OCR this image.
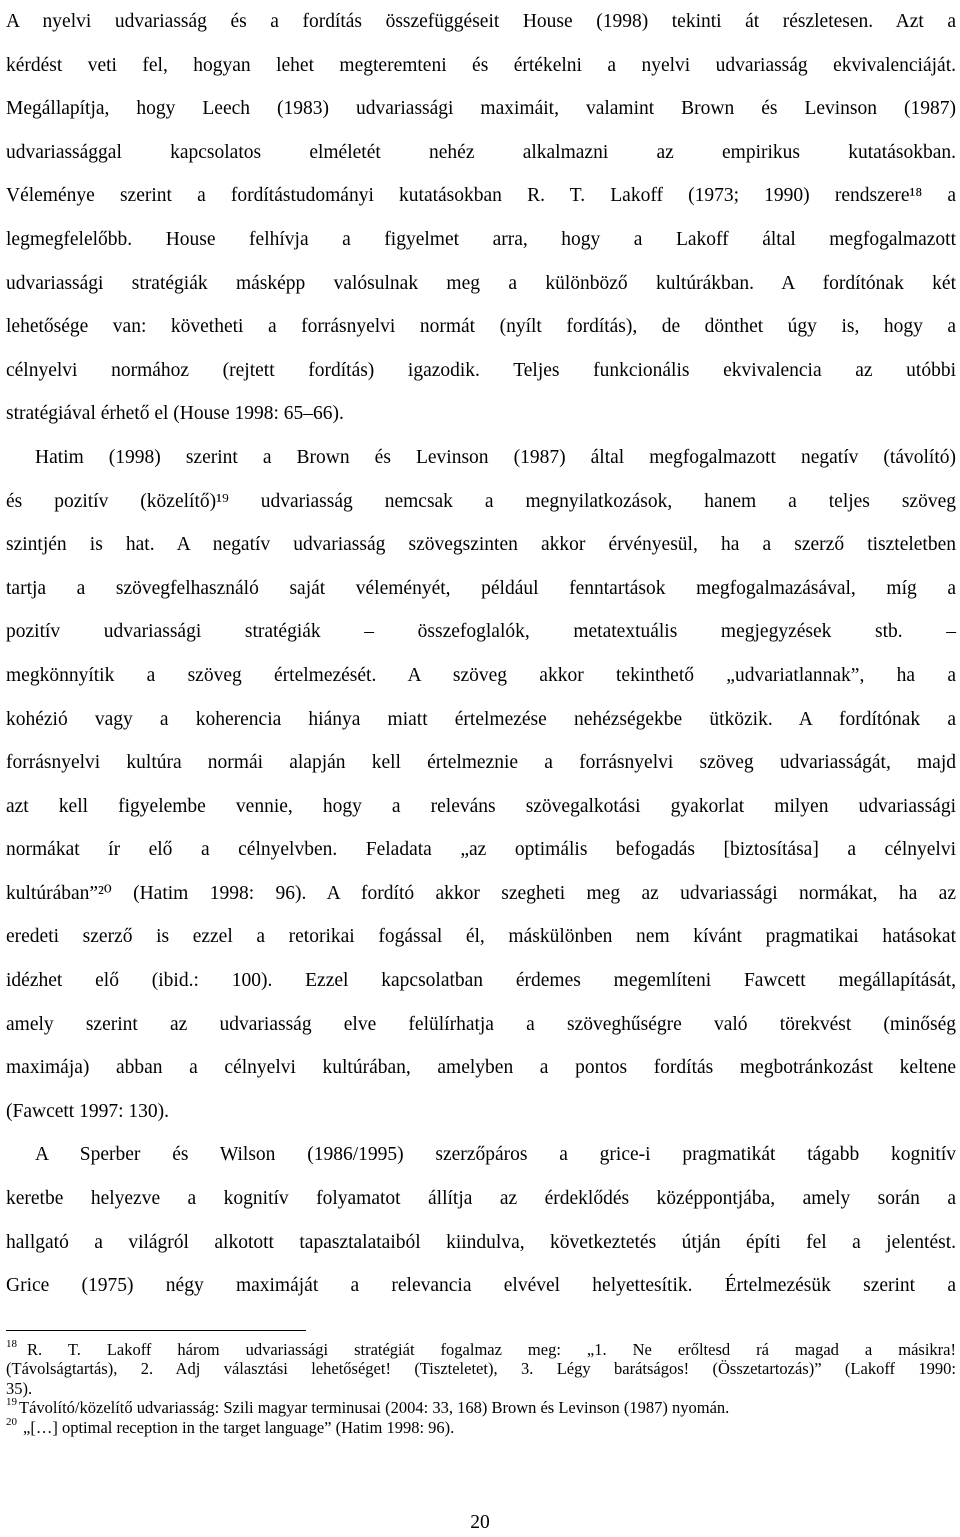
A nyelvi udvariasság és a fordítás összefüggéseit House (1998) tekinti át részletesen. Azt a
kérdést veti fel, hogyan lehet megteremteni és értékelni a nyelvi udvariasság ekvivalenciáját.
Megállapítja, hogy Leech (1983) udvariassági maximáit, valamint Brown és Levinson (1987)
udvariassággal kapcsolatos elméletét nehéz alkalmazni az empirikus kutatásokban.
Véleménye szerint a fordítástudományi kutatásokban R. T. Lakoff (1973; 1990) rendszere¹⁸ a
legmegfelelőbb. House felhívja a figyelmet arra, hogy a Lakoff által megfogalmazott
udvariassági stratégiák másképp valósulnak meg a különböző kultúrákban. A fordítónak két
lehetősége van: követheti a forrásnyelvi normát (nyílt fordítás), de dönthet úgy is, hogy a
célnyelvi normához (rejtett fordítás) igazodik. Teljes funkcionális ekvivalencia az utóbbi
stratégiával érhető el (House 1998: 65–66).

Hatim (1998) szerint a Brown és Levinson (1987) által megfogalmazott negatív (távolító)
és pozitív (közelítő)¹⁹ udvariasság nemcsak a megnyilatkozások, hanem a teljes szöveg
szintjén is hat. A negatív udvariasság szövegszinten akkor érvényesül, ha a szerző tiszteletben
tartja a szövegfelhasználó saját véleményét, például fenntartások megfogalmazásával, míg a
pozitív udvariassági stratégiák – összefoglalók, metatextuális megjegyzések stb. –
megkönnyítik a szöveg értelmezését. A szöveg akkor tekinthető „udvariatlannak”, ha a
kohézió vagy a koherencia hiánya miatt értelmezése nehézségekbe ütközik. A fordítónak a
forrásnyelvi kultúra normái alapján kell értelmeznie a forrásnyelvi szöveg udvariasságát, majd
azt kell figyelembe vennie, hogy a releváns szövegalkotási gyakorlat milyen udvariassági
normákat ír elő a célnyelvben. Feladata „az optimális befogadás [biztosítása] a célnyelvi
kultúrában”²⁰ (Hatim 1998: 96). A fordító akkor szegheti meg az udvariassági normákat, ha az
eredeti szerző is ezzel a retorikai fogással él, máskülönben nem kívánt pragmatikai hatásokat
idézhet elő (ibid.: 100). Ezzel kapcsolatban érdemes megemlíteni Fawcett megállapítását,
amely szerint az udvariasság elve felülírhatja a szöveghűségre való törekvést (minőség
maximája) abban a célnyelvi kultúrában, amelyben a pontos fordítás megbotránkozást keltene
(Fawcett 1997: 130).

A Sperber és Wilson (1986/1995) szerzőpáros a grice-i pragmatikát tágabb kognitív
keretbe helyezve a kognitív folyamatot állítja az érdeklődés középpontjába, amely során a
hallgató a világról alkotott tapasztalataiból kiindulva, következtetés útján építi fel a jelentést.
Grice (1975) négy maximáját a relevancia elvével helyettesítik. Értelmezésük szerint a

$^{18}$ R. T. Lakoff három udvariassági stratégiát fogalmaz meg: „1. Ne erőltesd rá magad a másikra!
(Távolságtartás), 2. Adj választási lehetőséget! (Tiszteletet), 3. Légy barátságos! (Összetartozás)” (Lakoff 1990:
35).
$^{19}$ Távolító/közelítő udvariasság: Szili magyar terminusai (2004: 33, 168) Brown és Levinson (1987) nyomán.
$^{20}$ „[…] optimal reception in the target language” (Hatim 1998: 96).
20
